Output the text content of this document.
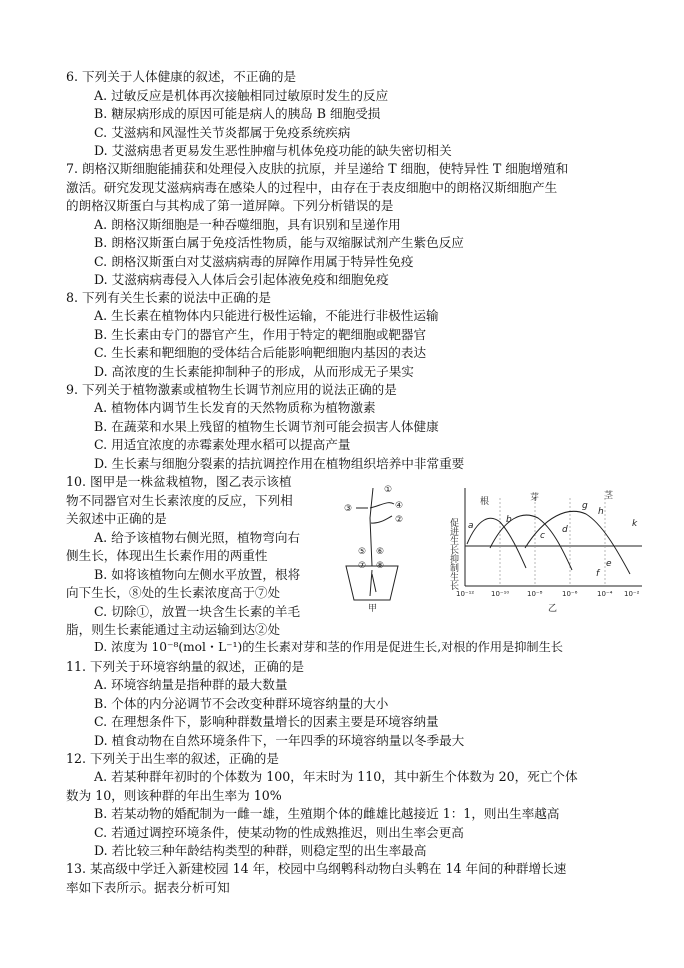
6. 下列关于人体健康的叙述，不正确的是
A. 过敏反应是机体再次接触相同过敏原时发生的反应
B. 糖尿病形成的原因可能是病人的胰岛 B 细胞受损
C. 艾滋病和风湿性关节炎都属于免疫系统疾病
D. 艾滋病患者更易发生恶性肿瘤与机体免疫功能的缺失密切相关
7. 朗格汉斯细胞能捕获和处理侵入皮肤的抗原，并呈递给 T 细胞，使特异性 T 细胞增殖和
激活。研究发现艾滋病病毒在感染人的过程中，由存在于表皮细胞中的朗格汉斯细胞产生
的朗格汉斯蛋白与其构成了第一道屏障。下列分析错误的是
A. 朗格汉斯细胞是一种吞噬细胞，具有识别和呈递作用
B. 朗格汉斯蛋白属于免疫活性物质，能与双缩脲试剂产生紫色反应
C. 朗格汉斯蛋白对艾滋病病毒的屏障作用属于特异性免疫
D. 艾滋病病毒侵入人体后会引起体液免疫和细胞免疫
8. 下列有关生长素的说法中正确的是
A. 生长素在植物体内只能进行极性运输，不能进行非极性运输
B. 生长素由专门的器官产生，作用于特定的靶细胞或靶器官
C. 生长素和靶细胞的受体结合后能影响靶细胞内基因的表达
D. 高浓度的生长素能抑制种子的形成，从而形成无子果实
9. 下列关于植物激素或植物生长调节剂应用的说法正确的是
A. 植物体内调节生长发育的天然物质称为植物激素
B. 在蔬菜和水果上残留的植物生长调节剂可能会损害人体健康
C. 用适宜浓度的赤霉素处理水稻可以提高产量
D. 生长素与细胞分裂素的拮抗调控作用在植物组织培养中非常重要
10. 图甲是一株盆栽植物，图乙表示该植
物不同器官对生长素浓度的反应，下列相
关叙述中正确的是
A. 给予该植物右侧光照，植物弯向右
侧生长，体现出生长素作用的两重性
B. 如将该植物向左侧水平放置，根将
向下生长，⑧处的生长素浓度高于⑦处
C. 切除①，放置一块含生长素的羊毛
脂，则生长素能通过主动运输到达②处
D. 浓度为 10⁻⁸(mol・L⁻¹)的生长素对芽和茎的作用是促进生长,对根的作用是抑制生长
①
④
②
③
⑤ ⑥
⑦ ⑧
甲
促进生长
抑制生长
a
b
c
d
e
f
g
h
k
根	芽	茎
10⁻¹² 10⁻¹⁰	10⁻⁸	10⁻⁶	10⁻⁴ 10⁻²
乙
11. 下列关于环境容纳量的叙述，正确的是
A. 环境容纳量是指种群的最大数量
B. 个体的内分泌调节不会改变种群环境容纳量的大小
C. 在理想条件下，影响种群数量增长的因素主要是环境容纳量
D. 植食动物在自然环境条件下，一年四季的环境容纳量以冬季最大
12. 下列关于出生率的叙述，正确的是
A. 若某种群年初时的个体数为 100，年末时为 110，其中新生个体数为 20，死亡个体
数为 10，则该种群的年出生率为 10%
B. 若某动物的婚配制为一雌一雄，生殖期个体的雌雄比越接近 1：1，则出生率越高
C. 若通过调控环境条件，使某动物的性成熟推迟，则出生率会更高
D. 若比较三种年龄结构类型的种群，则稳定型的出生率最高
13. 某高级中学迁入新建校园 14 年，校园中乌纲鹎科动物白头鹎在 14 年间的种群增长速
率如下表所示。据表分析可知
